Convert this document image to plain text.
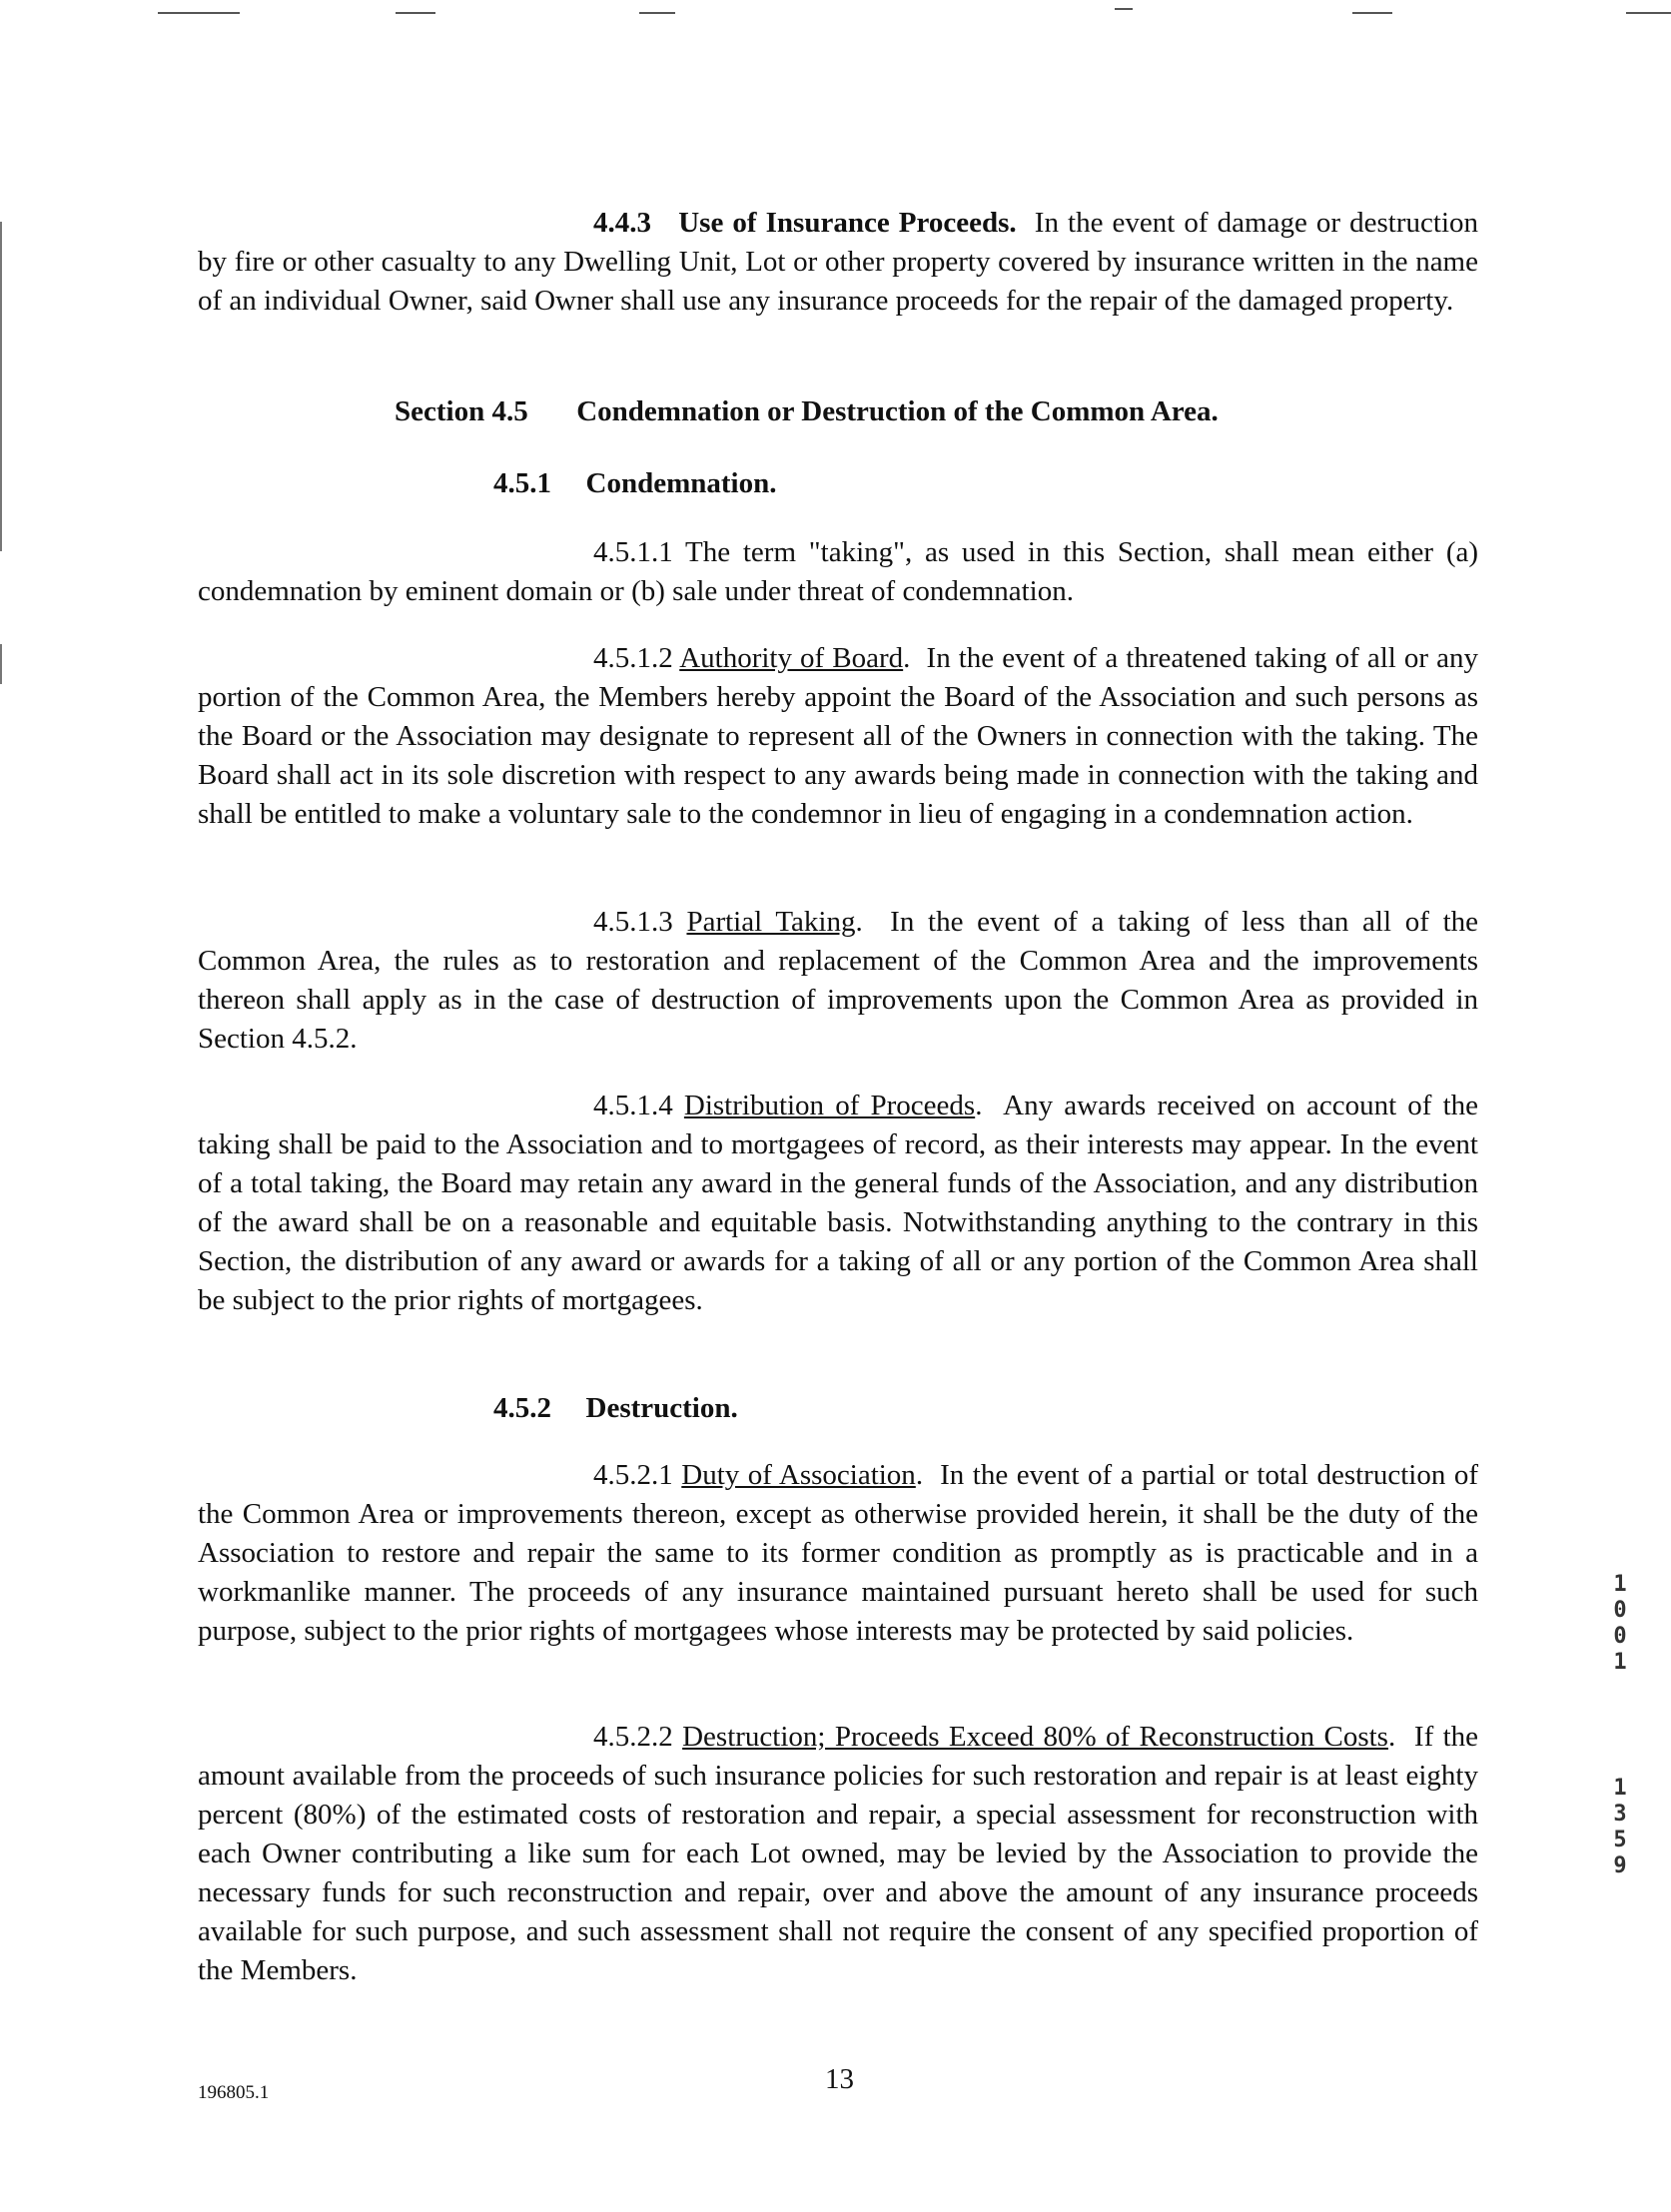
4.4.3 Use of Insurance Proceeds. In the event of damage or destruction by fire or other casualty to any Dwelling Unit, Lot or other property covered by insurance written in the name of an individual Owner, said Owner shall use any insurance proceeds for the repair of the damaged property.

Section 4.5 Condemnation or Destruction of the Common Area.
4.5.1 Condemnation.

4.5.1.1 The term "taking", as used in this Section, shall mean either (a) condemnation by eminent domain or (b) sale under threat of condemnation.

4.5.1.2 Authority of Board.  In the event of a threatened taking of all or any portion of the Common Area, the Members hereby appoint the Board of the Association and such persons as the Board or the Association may designate to represent all of the Owners in connection with the taking. The Board shall act in its sole discretion with respect to any awards being made in connection with the taking and shall be entitled to make a voluntary sale to the condemnor in lieu of engaging in a condemnation action.

4.5.1.3 Partial Taking.  In the event of a taking of less than all of the Common Area, the rules as to restoration and replacement of the Common Area and the improvements thereon shall apply as in the case of destruction of improvements upon the Common Area as provided in Section 4.5.2.

4.5.1.4 Distribution of Proceeds.  Any awards received on account of the taking shall be paid to the Association and to mortgagees of record, as their interests may appear. In the event of a total taking, the Board may retain any award in the general funds of the Association, and any distribution of the award shall be on a reasonable and equitable basis. Notwithstanding anything to the contrary in this Section, the distribution of any award or awards for a taking of all or any portion of the Common Area shall be subject to the prior rights of mortgagees.

4.5.2 Destruction.

4.5.2.1 Duty of Association.  In the event of a partial or total destruction of the Common Area or improvements thereon, except as otherwise provided herein, it shall be the duty of the Association to restore and repair the same to its former condition as promptly as is practicable and in a workmanlike manner. The proceeds of any insurance maintained pursuant hereto shall be used for such purpose, subject to the prior rights of mortgagees whose interests may be protected by said policies.

4.5.2.2 Destruction; Proceeds Exceed 80% of Reconstruction Costs.  If the amount available from the proceeds of such insurance policies for such restoration and repair is at least eighty percent (80%) of the estimated costs of restoration and repair, a special assessment for reconstruction with each Owner contributing a like sum for each Lot owned, may be levied by the Association to provide the necessary funds for such reconstruction and repair, over and above the amount of any insurance proceeds available for such purpose, and such assessment shall not require the consent of any specified proportion of the Members.

196805.1	13
1001
1359
